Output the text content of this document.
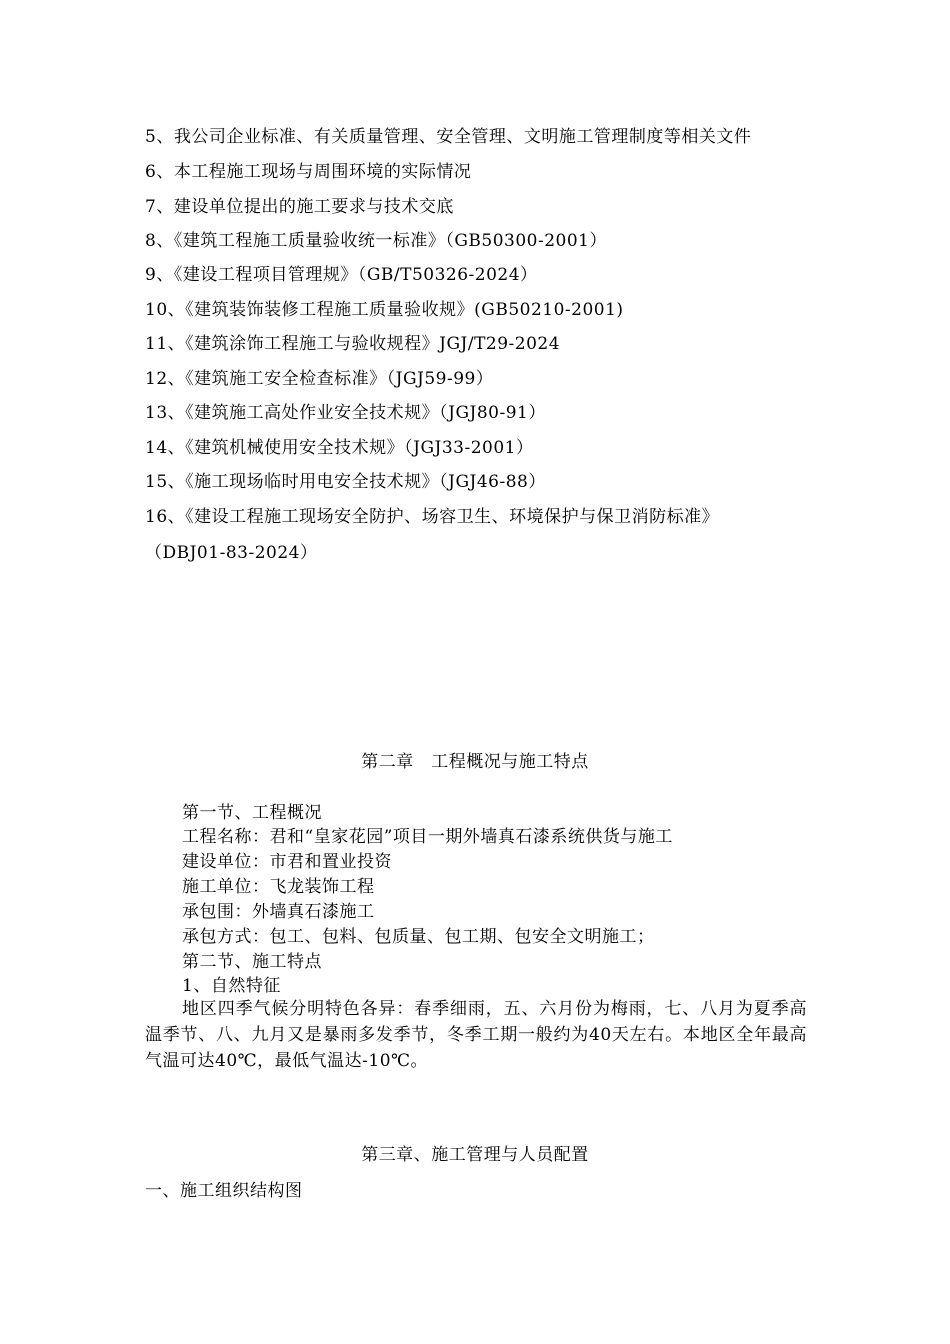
5、我公司企业标准、有关质量管理、安全管理、文明施工管理制度等相关文件
6、本工程施工现场与周围环境的实际情况
7、建设单位提出的施工要求与技术交底
8、《建筑工程施工质量验收统一标准》（GB50300-2001）
9、《建设工程项目管理规》（GB/T50326-2024）
10、《建筑装饰装修工程施工质量验收规》(GB50210-2001)
11、《建筑涂饰工程施工与验收规程》JGJ/T29-2024
12、《建筑施工安全检查标准》（JGJ59-99）
13、《建筑施工高处作业安全技术规》（JGJ80-91）
14、《建筑机械使用安全技术规》（JGJ33-2001）
15、《施工现场临时用电安全技术规》（JGJ46-88）
16、《建设工程施工现场安全防护、场容卫生、环境保护与保卫消防标准》
（DBJ01-83-2024）
第二章　工程概况与施工特点
第一节、工程概况
工程名称：君和“皇家花园”项目一期外墙真石漆系统供货与施工
建设单位：市君和置业投资
施工单位：飞龙装饰工程
承包围：外墙真石漆施工
承包方式：包工、包料、包质量、包工期、包安全文明施工；
第二节、施工特点
1、自然特征
地区四季气候分明特色各异：春季细雨，五、六月份为梅雨，七、八月为夏季高温季节、八、九月又是暴雨多发季节，冬季工期一般约为40天左右。本地区全年最高气温可达40℃，最低气温达-10℃。
第三章、施工管理与人员配置
一、施工组织结构图
